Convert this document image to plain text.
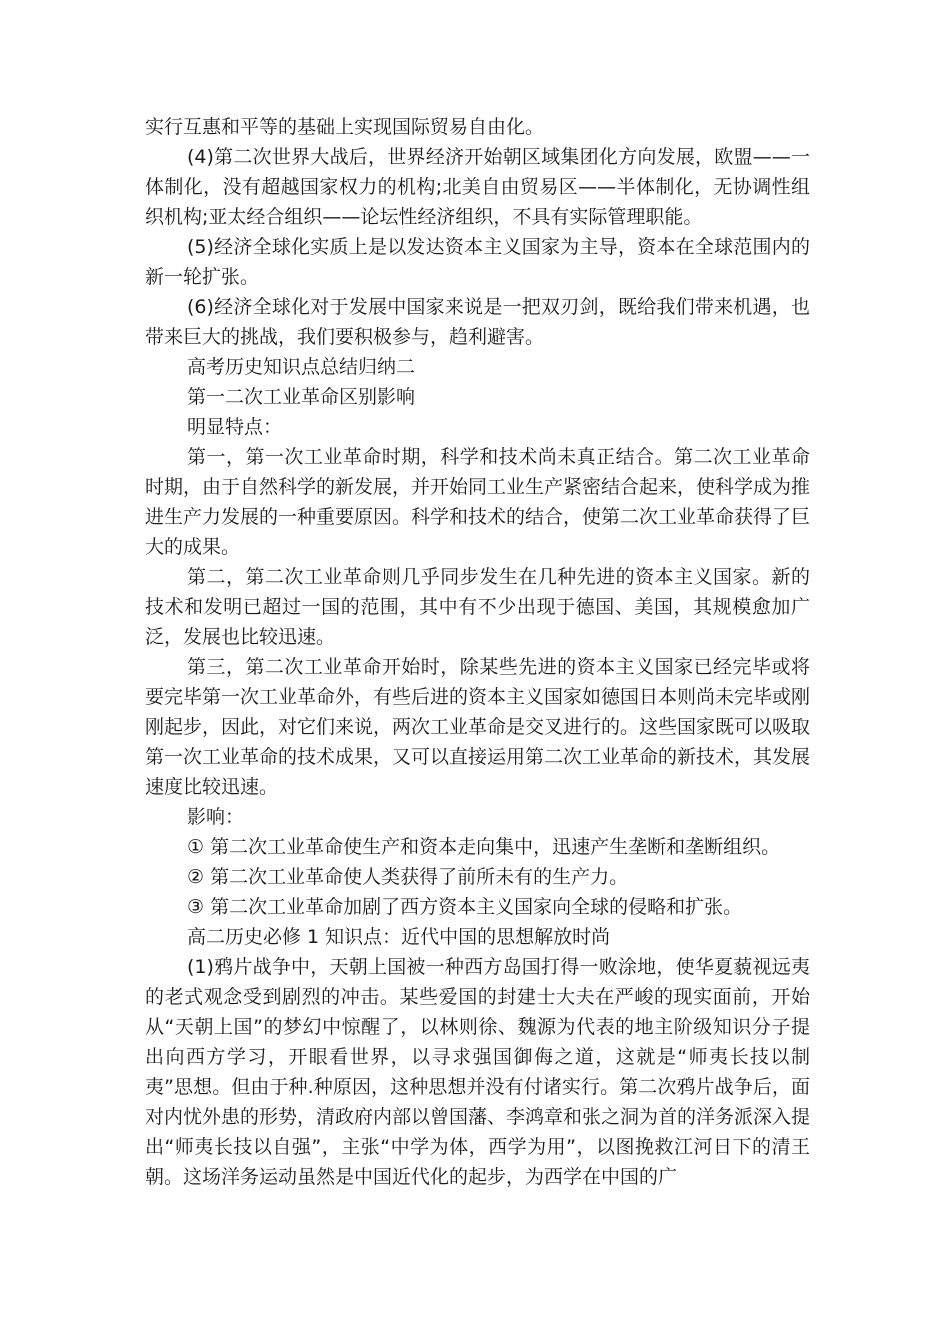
实行互惠和平等的基础上实现国际贸易自由化。

(4)第二次世界大战后，世界经济开始朝区域集团化方向发展，欧盟——一体制化，没有超越国家权力的机构;北美自由贸易区——半体制化，无协调性组织机构;亚太经合组织——论坛性经济组织，不具有实际管理职能。

(5)经济全球化实质上是以发达资本主义国家为主导，资本在全球范围内的新一轮扩张。

(6)经济全球化对于发展中国家来说是一把双刃剑，既给我们带来机遇，也带来巨大的挑战，我们要积极参与，趋利避害。

高考历史知识点总结归纳二

第一二次工业革命区别影响

明显特点：

第一，第一次工业革命时期，科学和技术尚未真正结合。第二次工业革命时期，由于自然科学的新发展，并开始同工业生产紧密结合起来，使科学成为推进生产力发展的一种重要原因。科学和技术的结合，使第二次工业革命获得了巨大的成果。

第二，第二次工业革命则几乎同步发生在几种先进的资本主义国家。新的技术和发明已超过一国的范围，其中有不少出现于德国、美国，其规模愈加广泛，发展也比较迅速。

第三，第二次工业革命开始时，除某些先进的资本主义国家已经完毕或将要完毕第一次工业革命外，有些后进的资本主义国家如德国日本则尚未完毕或刚刚起步，因此，对它们来说，两次工业革命是交叉进行的。这些国家既可以吸取第一次工业革命的技术成果，又可以直接运用第二次工业革命的新技术，其发展速度比较迅速。

影响：

① 第二次工业革命使生产和资本走向集中，迅速产生垄断和垄断组织。

② 第二次工业革命使人类获得了前所未有的生产力。

③ 第二次工业革命加剧了西方资本主义国家向全球的侵略和扩张。

高二历史必修 1 知识点：近代中国的思想解放时尚

(1)鸦片战争中，天朝上国被一种西方岛国打得一败涂地，使华夏藐视远夷的老式观念受到剧烈的冲击。某些爱国的封建士大夫在严峻的现实面前，开始从“天朝上国”的梦幻中惊醒了，以林则徐、魏源为代表的地主阶级知识分子提出向西方学习，开眼看世界，以寻求强国御侮之道，这就是“师夷长技以制夷”思想。但由于种.种原因，这种思想并没有付诸实行。第二次鸦片战争后，面对内忧外患的形势，清政府内部以曾国藩、李鸿章和张之洞为首的洋务派深入提出“师夷长技以自强”，主张“中学为体，西学为用”，以图挽救江河日下的清王朝。这场洋务运动虽然是中国近代化的起步，为西学在中国的广
